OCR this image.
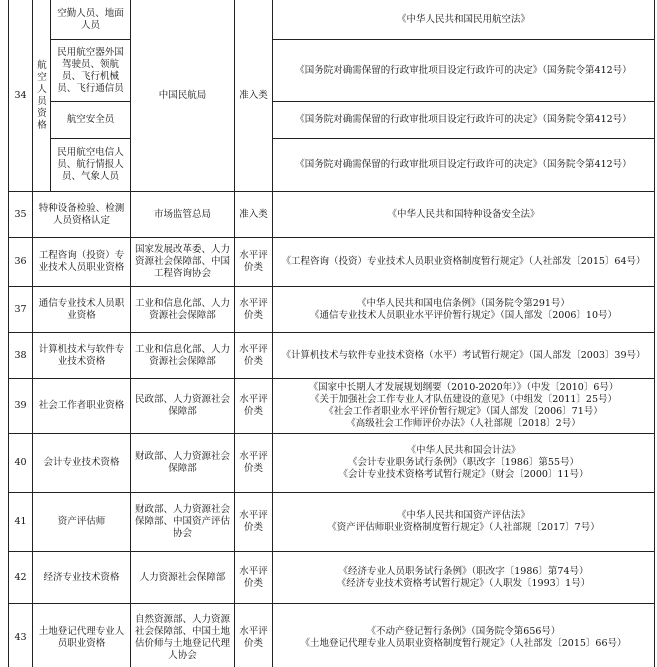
34	航空人员资格	空勤人员、地面人员	中国民航局	准入类	《中华人民共和国民用航空法》

		民用航空器外国驾驶员、领航员、飞行机械员、飞行通信员			《国务院对确需保留的行政审批项目设定行政许可的决定》（国务院令第412号）

		航空安全员			《国务院对确需保留的行政审批项目设定行政许可的决定》（国务院令第412号）

		民用航空电信人员、航行情报人员、气象人员			《国务院对确需保留的行政审批项目设定行政许可的决定》（国务院令第412号）

35	特种设备检验、检测人员资格认定		市场监管总局	准入类	《中华人民共和国特种设备安全法》

36	工程咨询（投资）专业技术人员职业资格		国家发展改革委、人力资源社会保障部、中国工程咨询协会	水平评价类	《工程咨询（投资）专业技术人员职业资格制度暂行规定》（人社部发〔2015〕64号）

37	通信专业技术人员职业资格		工业和信息化部、人力资源社会保障部	水平评价类	《中华人民共和国电信条例》（国务院令第291号）
《通信专业技术人员职业水平评价暂行规定》（国人部发〔2006〕10号）

38	计算机技术与软件专业技术资格		工业和信息化部、人力资源社会保障部	水平评价类	《计算机技术与软件专业技术资格（水平）考试暂行规定》（国人部发〔2003〕39号）

39	社会工作者职业资格		民政部、人力资源社会保障部	水平评价类	《国家中长期人才发展规划纲要（2010-2020年）》（中发〔2010〕6号）
《关于加强社会工作专业人才队伍建设的意见》（中组发〔2011〕25号）
《社会工作者职业水平评价暂行规定》（国人部发〔2006〕71号）
《高级社会工作师评价办法》（人社部规〔2018〕2号）

40	会计专业技术资格		财政部、人力资源社会保障部	水平评价类	《中华人民共和国会计法》
《会计专业职务试行条例》（职改字〔1986〕第55号）
《会计专业技术资格考试暂行规定》（财会〔2000〕11号）

41	资产评估师		财政部、人力资源社会保障部、中国资产评估协会	水平评价类	《中华人民共和国资产评估法》
《资产评估师职业资格制度暂行规定》（人社部规〔2017〕7号）

42	经济专业技术资格		人力资源社会保障部	水平评价类	《经济专业人员职务试行条例》（职改字〔1986〕第74号）
《经济专业技术资格考试暂行规定》（人职发〔1993〕1号）

43	土地登记代理专业人员职业资格		自然资源部、人力资源社会保障部、中国土地估价师与土地登记代理人协会	水平评价类	《不动产登记暂行条例》（国务院令第656号）
《土地登记代理专业人员职业资格制度暂行规定》（人社部发〔2015〕66号）
